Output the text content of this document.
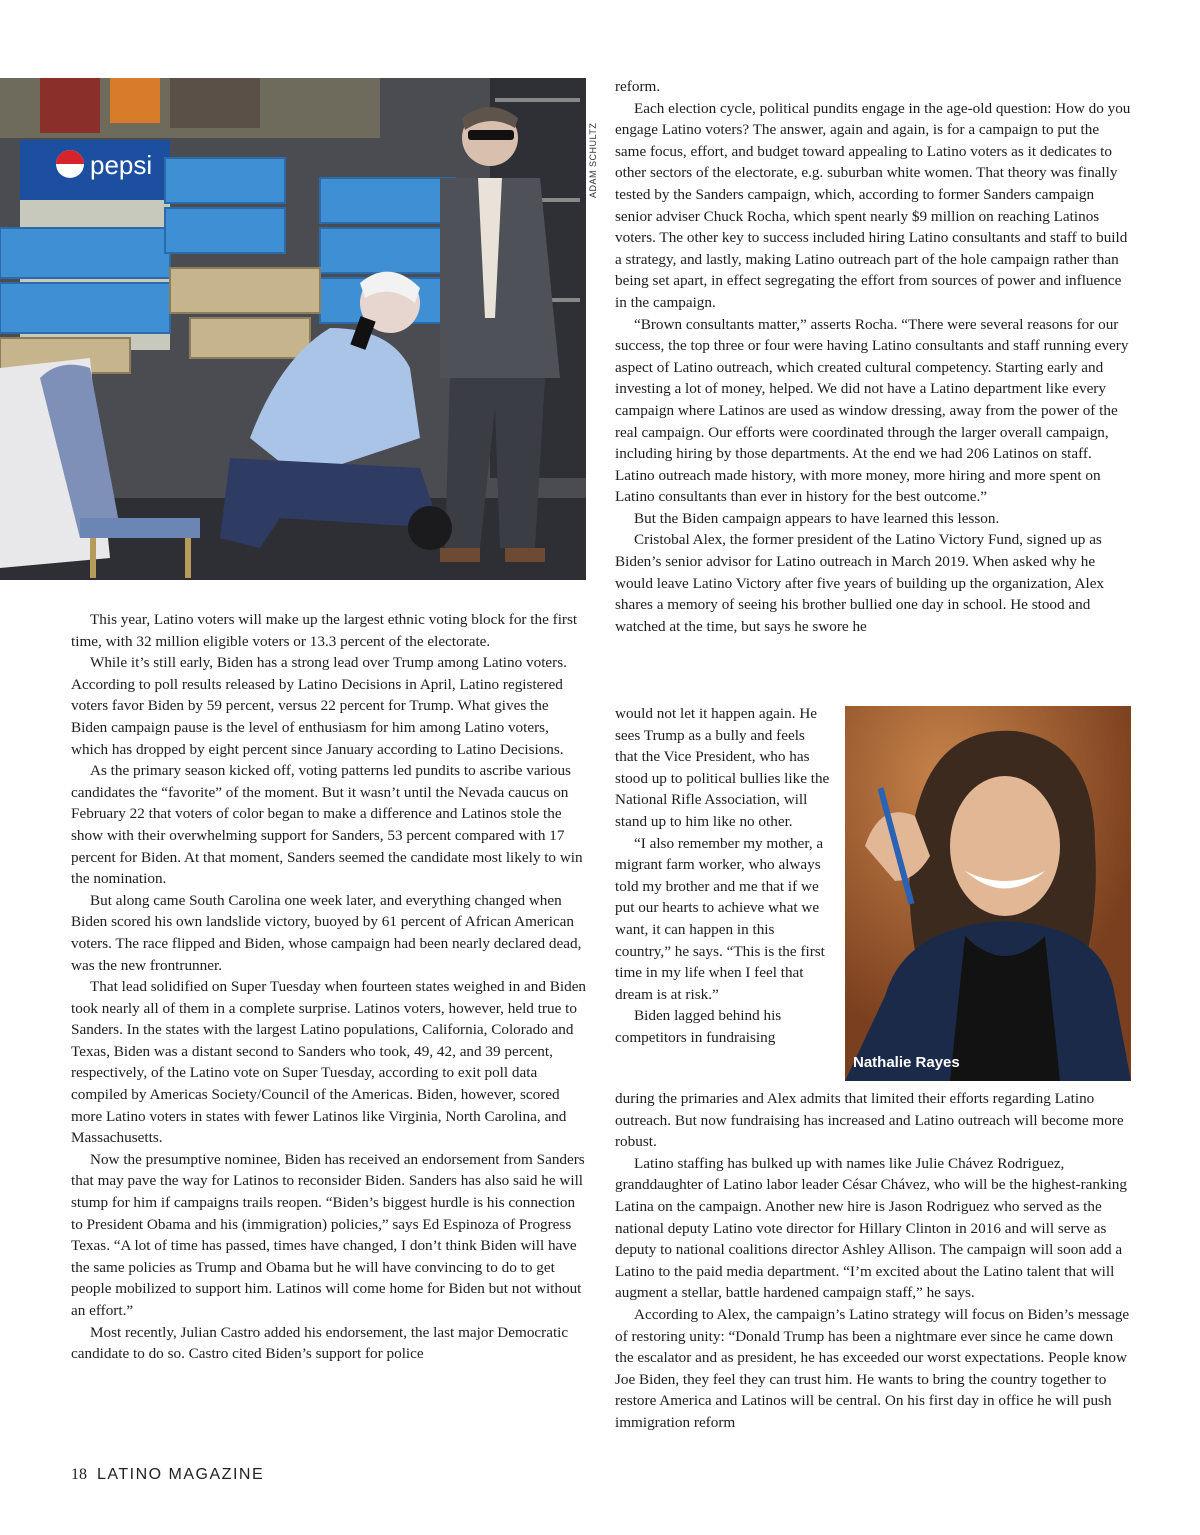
pepsi	ADAM SCHULTZ

This year, Latino voters will make up the largest ethnic voting block for the first time, with 32 million eligible voters or 13.3 percent of the electorate.

While it’s still early, Biden has a strong lead over Trump among Latino voters. According to poll results released by Latino Decisions in April, Latino registered voters favor Biden by 59 percent, versus 22 percent for Trump. What gives the Biden campaign pause is the level of enthusiasm for him among Latino voters, which has dropped by eight percent since January according to Latino Decisions.

As the primary season kicked off, voting patterns led pundits to ascribe various candidates the “favorite” of the moment. But it wasn’t until the Nevada caucus on February 22 that voters of color began to make a difference and Latinos stole the show with their overwhelming support for Sanders, 53 percent compared with 17 percent for Biden. At that moment, Sanders seemed the candidate most likely to win the nomination.

But along came South Carolina one week later, and everything changed when Biden scored his own landslide victory, buoyed by 61 percent of African American voters. The race flipped and Biden, whose campaign had been nearly declared dead, was the new frontrunner.

That lead solidified on Super Tuesday when fourteen states weighed in and Biden took nearly all of them in a complete surprise. Latinos voters, however, held true to Sanders. In the states with the largest Latino populations, California, Colorado and Texas, Biden was a distant second to Sanders who took, 49, 42, and 39 percent, respectively, of the Latino vote on Super Tuesday, according to exit poll data compiled by Americas Society/Council of the Americas. Biden, however, scored more Latino voters in states with fewer Latinos like Virginia, North Carolina, and Massachusetts.

Now the presumptive nominee, Biden has received an endorsement from Sanders that may pave the way for Latinos to reconsider Biden. Sanders has also said he will stump for him if campaigns trails reopen. “Biden’s biggest hurdle is his connection to President Obama and his (immigration) policies,” says Ed Espinoza of Progress Texas. “A lot of time has passed, times have changed, I don’t think Biden will have the same policies as Trump and Obama but he will have convincing to do to get people mobilized to support him. Latinos will come home for Biden but not without an effort.”

Most recently, Julian Castro added his endorsement, the last major Democratic candidate to do so. Castro cited Biden’s support for police

reform.

Each election cycle, political pundits engage in the age-old question: How do you engage Latino voters? The answer, again and again, is for a campaign to put the same focus, effort, and budget toward appealing to Latino voters as it dedicates to other sectors of the electorate, e.g. suburban white women. That theory was finally tested by the Sanders campaign, which, according to former Sanders campaign senior adviser Chuck Rocha, which spent nearly $9 million on reaching Latinos voters. The other key to success included hiring Latino consultants and staff to build a strategy, and lastly, making Latino outreach part of the hole campaign rather than being set apart, in effect segregating the effort from sources of power and influence in the campaign.

“Brown consultants matter,” asserts Rocha. “There were several reasons for our success, the top three or four were having Latino consultants and staff running every aspect of Latino outreach, which created cultural competency. Starting early and investing a lot of money, helped. We did not have a Latino department like every campaign where Latinos are used as window dressing, away from the power of the real campaign. Our efforts were coordinated through the larger overall campaign, including hiring by those departments. At the end we had 206 Latinos on staff. Latino outreach made history, with more money, more hiring and more spent on Latino consultants than ever in history for the best outcome.”

But the Biden campaign appears to have learned this lesson.

Cristobal Alex, the former president of the Latino Victory Fund, signed up as Biden’s senior advisor for Latino outreach in March 2019. When asked why he would leave Latino Victory after five years of building up the organization, Alex shares a memory of seeing his brother bullied one day in school. He stood and watched at the time, but says he swore he

would not let it happen again. He sees Trump as a bully and feels that the Vice President, who has stood up to political bullies like the National Rifle Association, will stand up to him like no other.

“I also remember my mother, a migrant farm worker, who always told my brother and me that if we put our hearts to achieve what we want, it can happen in this country,” he says. “This is the first time in my life when I feel that dream is at risk.”

Biden lagged behind his competitors in fundraising

Nathalie Rayes

during the primaries and Alex admits that limited their efforts regarding Latino outreach. But now fundraising has increased and Latino outreach will become more robust.

Latino staffing has bulked up with names like Julie Chávez Rodriguez, granddaughter of Latino labor leader César Chávez, who will be the highest-ranking Latina on the campaign. Another new hire is Jason Rodriguez who served as the national deputy Latino vote director for Hillary Clinton in 2016 and will serve as deputy to national coalitions director Ashley Allison. The campaign will soon add a Latino to the paid media department. “I’m excited about the Latino talent that will augment a stellar, battle hardened campaign staff,” he says.

According to Alex, the campaign’s Latino strategy will focus on Biden’s message of restoring unity: “Donald Trump has been a nightmare ever since he came down the escalator and as president, he has exceeded our worst expectations. People know Joe Biden, they feel they can trust him. He wants to bring the country together to restore America and Latinos will be central. On his first day in office he will push immigration reform

18 LATINO MAGAZINE
